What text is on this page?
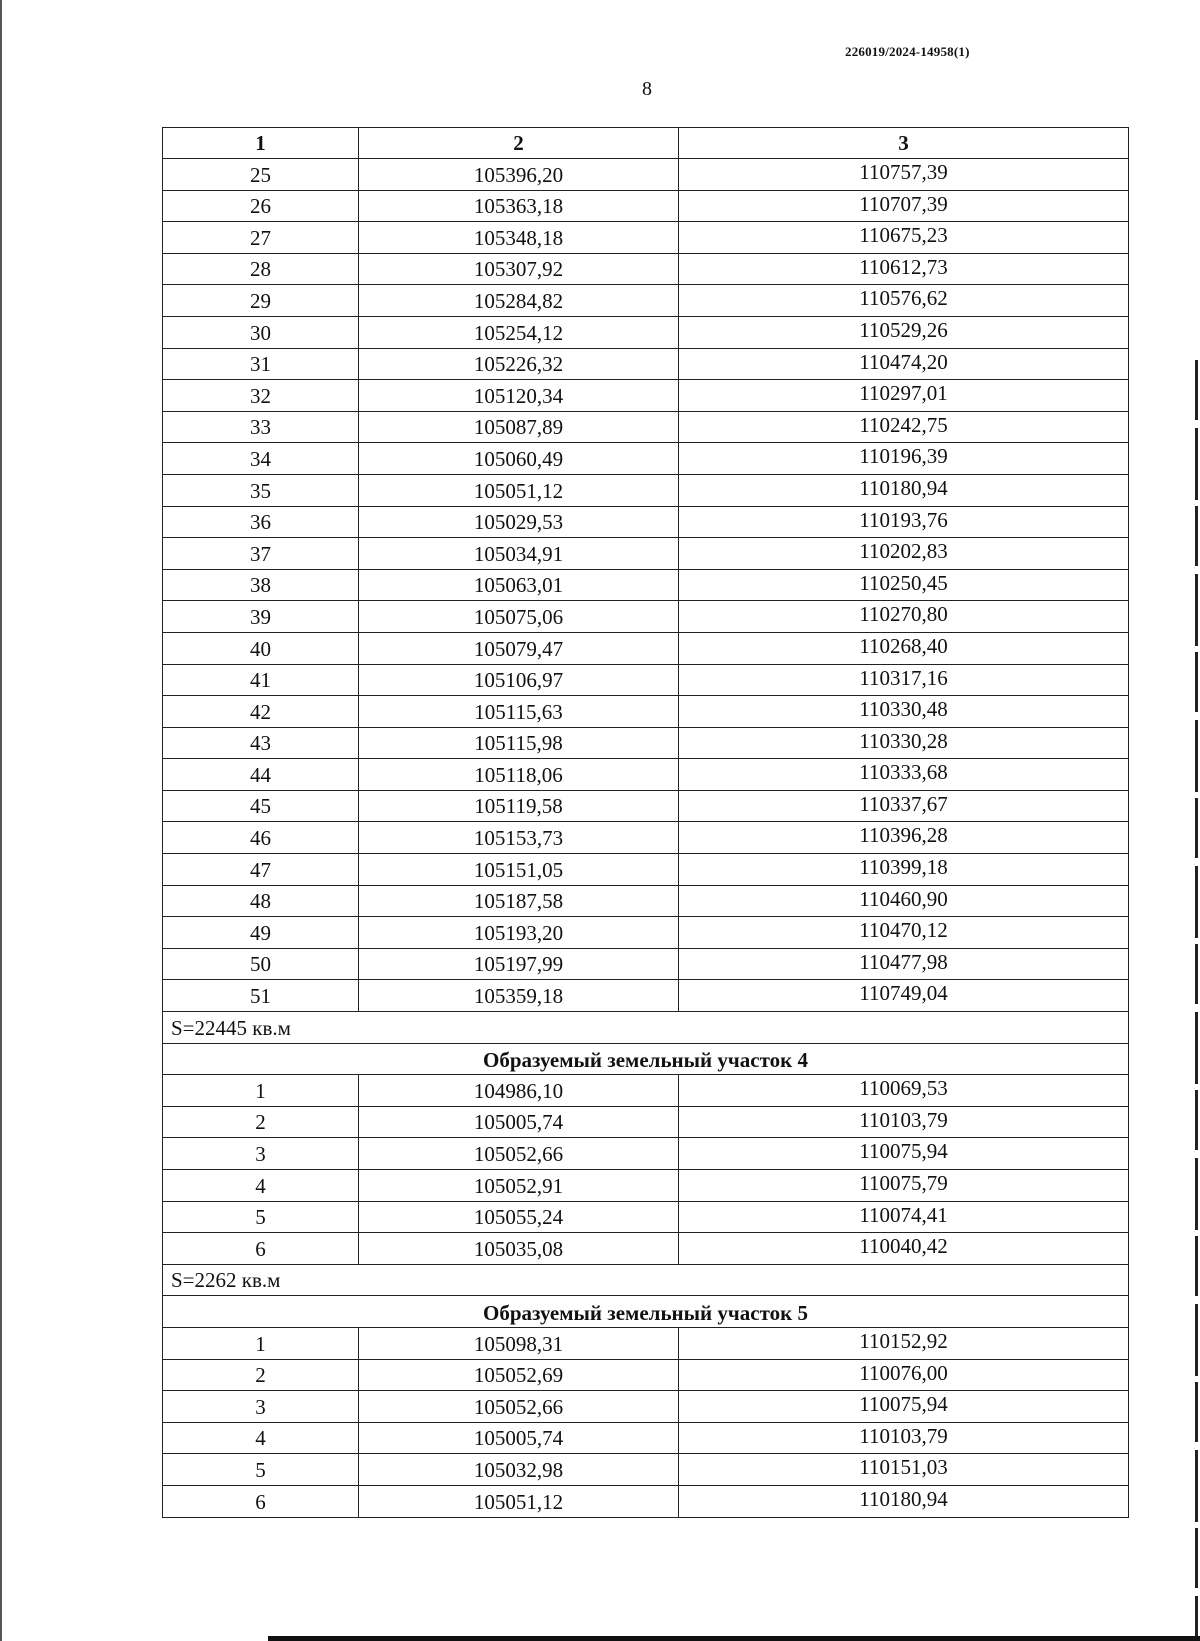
226019/2024-14958(1)
8
1	2	3
25	105396,20	110757,39
26	105363,18	110707,39
27	105348,18	110675,23
28	105307,92	110612,73
29	105284,82	110576,62
30	105254,12	110529,26
31	105226,32	110474,20
32	105120,34	110297,01
33	105087,89	110242,75
34	105060,49	110196,39
35	105051,12	110180,94
36	105029,53	110193,76
37	105034,91	110202,83
38	105063,01	110250,45
39	105075,06	110270,80
40	105079,47	110268,40
41	105106,97	110317,16
42	105115,63	110330,48
43	105115,98	110330,28
44	105118,06	110333,68
45	105119,58	110337,67
46	105153,73	110396,28
47	105151,05	110399,18
48	105187,58	110460,90
49	105193,20	110470,12
50	105197,99	110477,98
51	105359,18	110749,04
S=22445 кв.м		
Образуемый земельный участок 4		
1	104986,10	110069,53
2	105005,74	110103,79
3	105052,66	110075,94
4	105052,91	110075,79
5	105055,24	110074,41
6	105035,08	110040,42
S=2262 кв.м		
Образуемый земельный участок 5		
1	105098,31	110152,92
2	105052,69	110076,00
3	105052,66	110075,94
4	105005,74	110103,79
5	105032,98	110151,03
6	105051,12	110180,94
